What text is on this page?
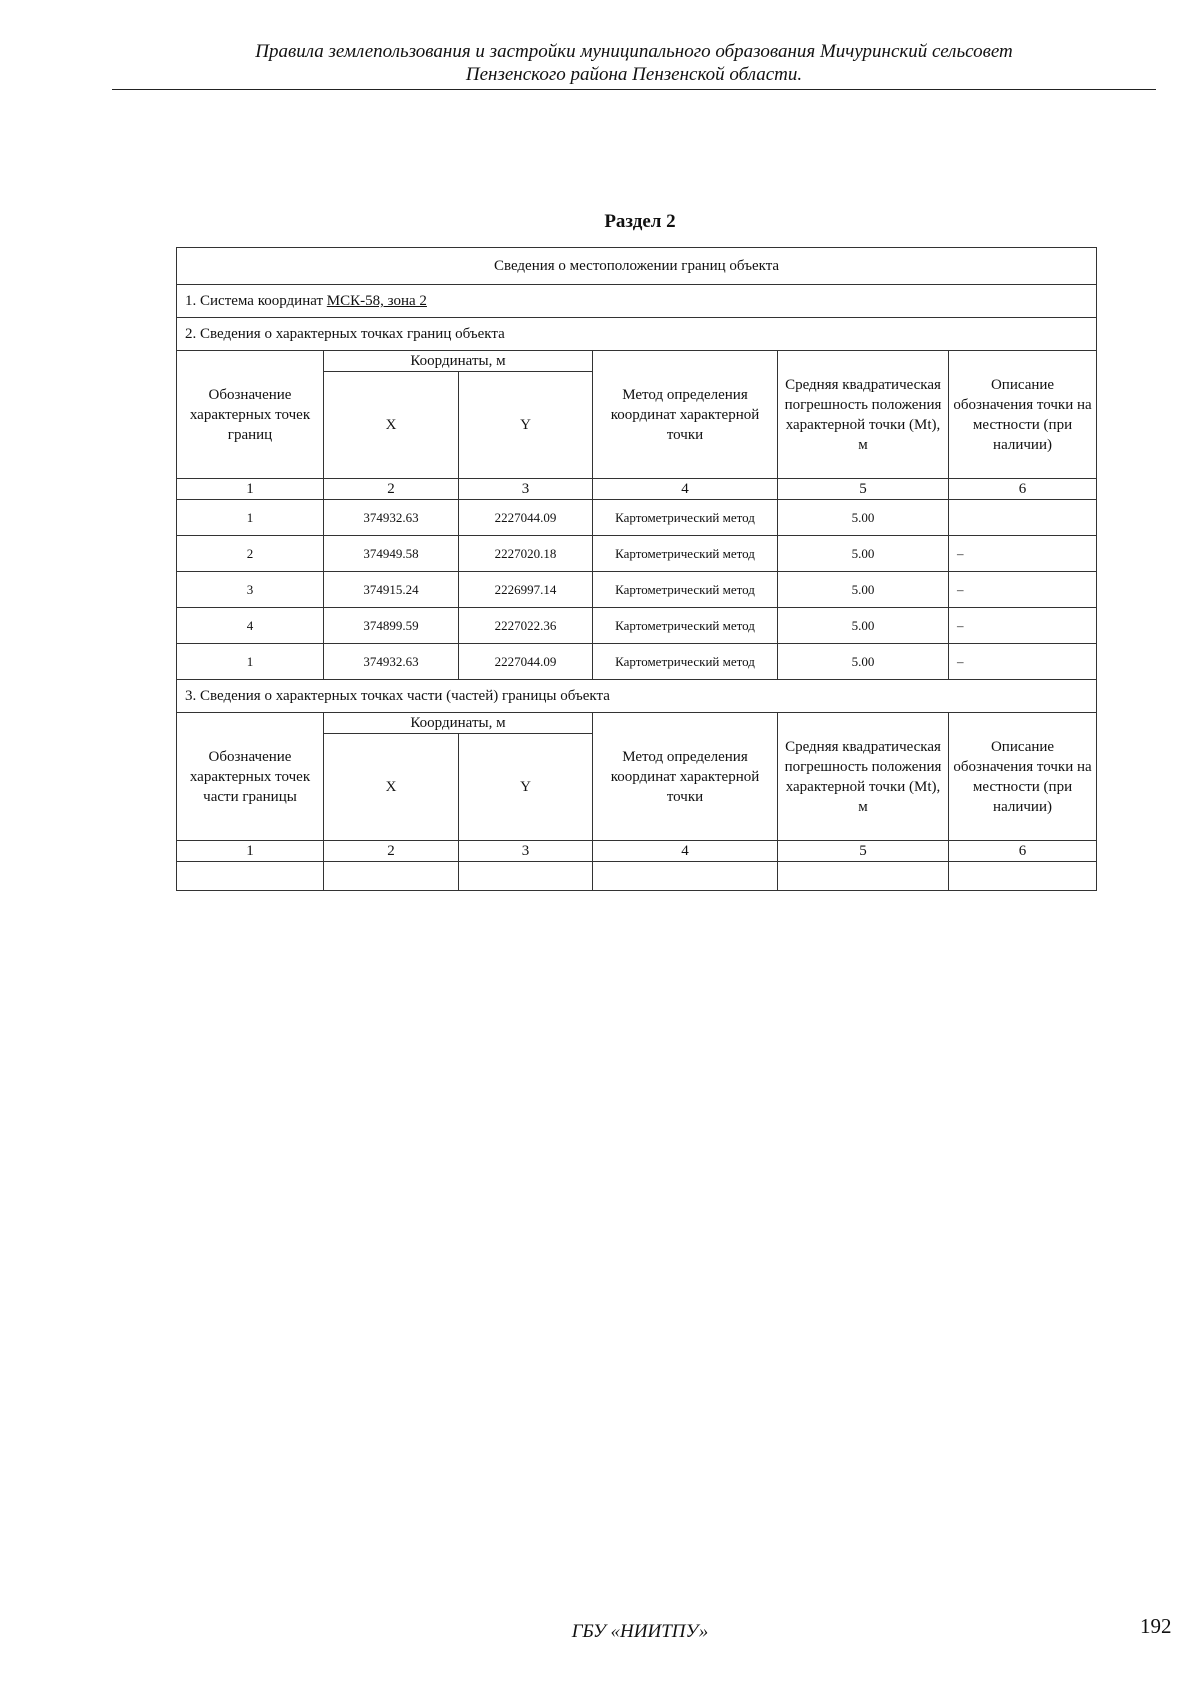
Правила землепользования и застройки муниципального образования Мичуринский сельсовет
Пензенского района Пензенской области.
Раздел 2
Сведения о местоположении границ объекта					
1. Система координат МСК-58, зона 2					
2. Сведения о характерных точках границ объекта					
Обозначение характерных точек границ	Координаты, м		Метод определения координат характерной точки	Средняя квадратическая погрешность положения характерной точки (Mt), м	Описание обозначения точки на местности (при наличии)
	X	Y			
1	2	3	4	5	6
1	374932.63	2227044.09	Картометрический метод	5.00	
2	374949.58	2227020.18	Картометрический метод	5.00	–
3	374915.24	2226997.14	Картометрический метод	5.00	–
4	374899.59	2227022.36	Картометрический метод	5.00	–
1	374932.63	2227044.09	Картометрический метод	5.00	–
3. Сведения о характерных точках части (частей) границы объекта					
Обозначение характерных точек части границы	Координаты, м		Метод определения координат характерной точки	Средняя квадратическая погрешность положения характерной точки (Mt), м	Описание обозначения точки на местности (при наличии)
	X	Y			
1	2	3	4	5	6

ГБУ «НИИТПУ»	192
